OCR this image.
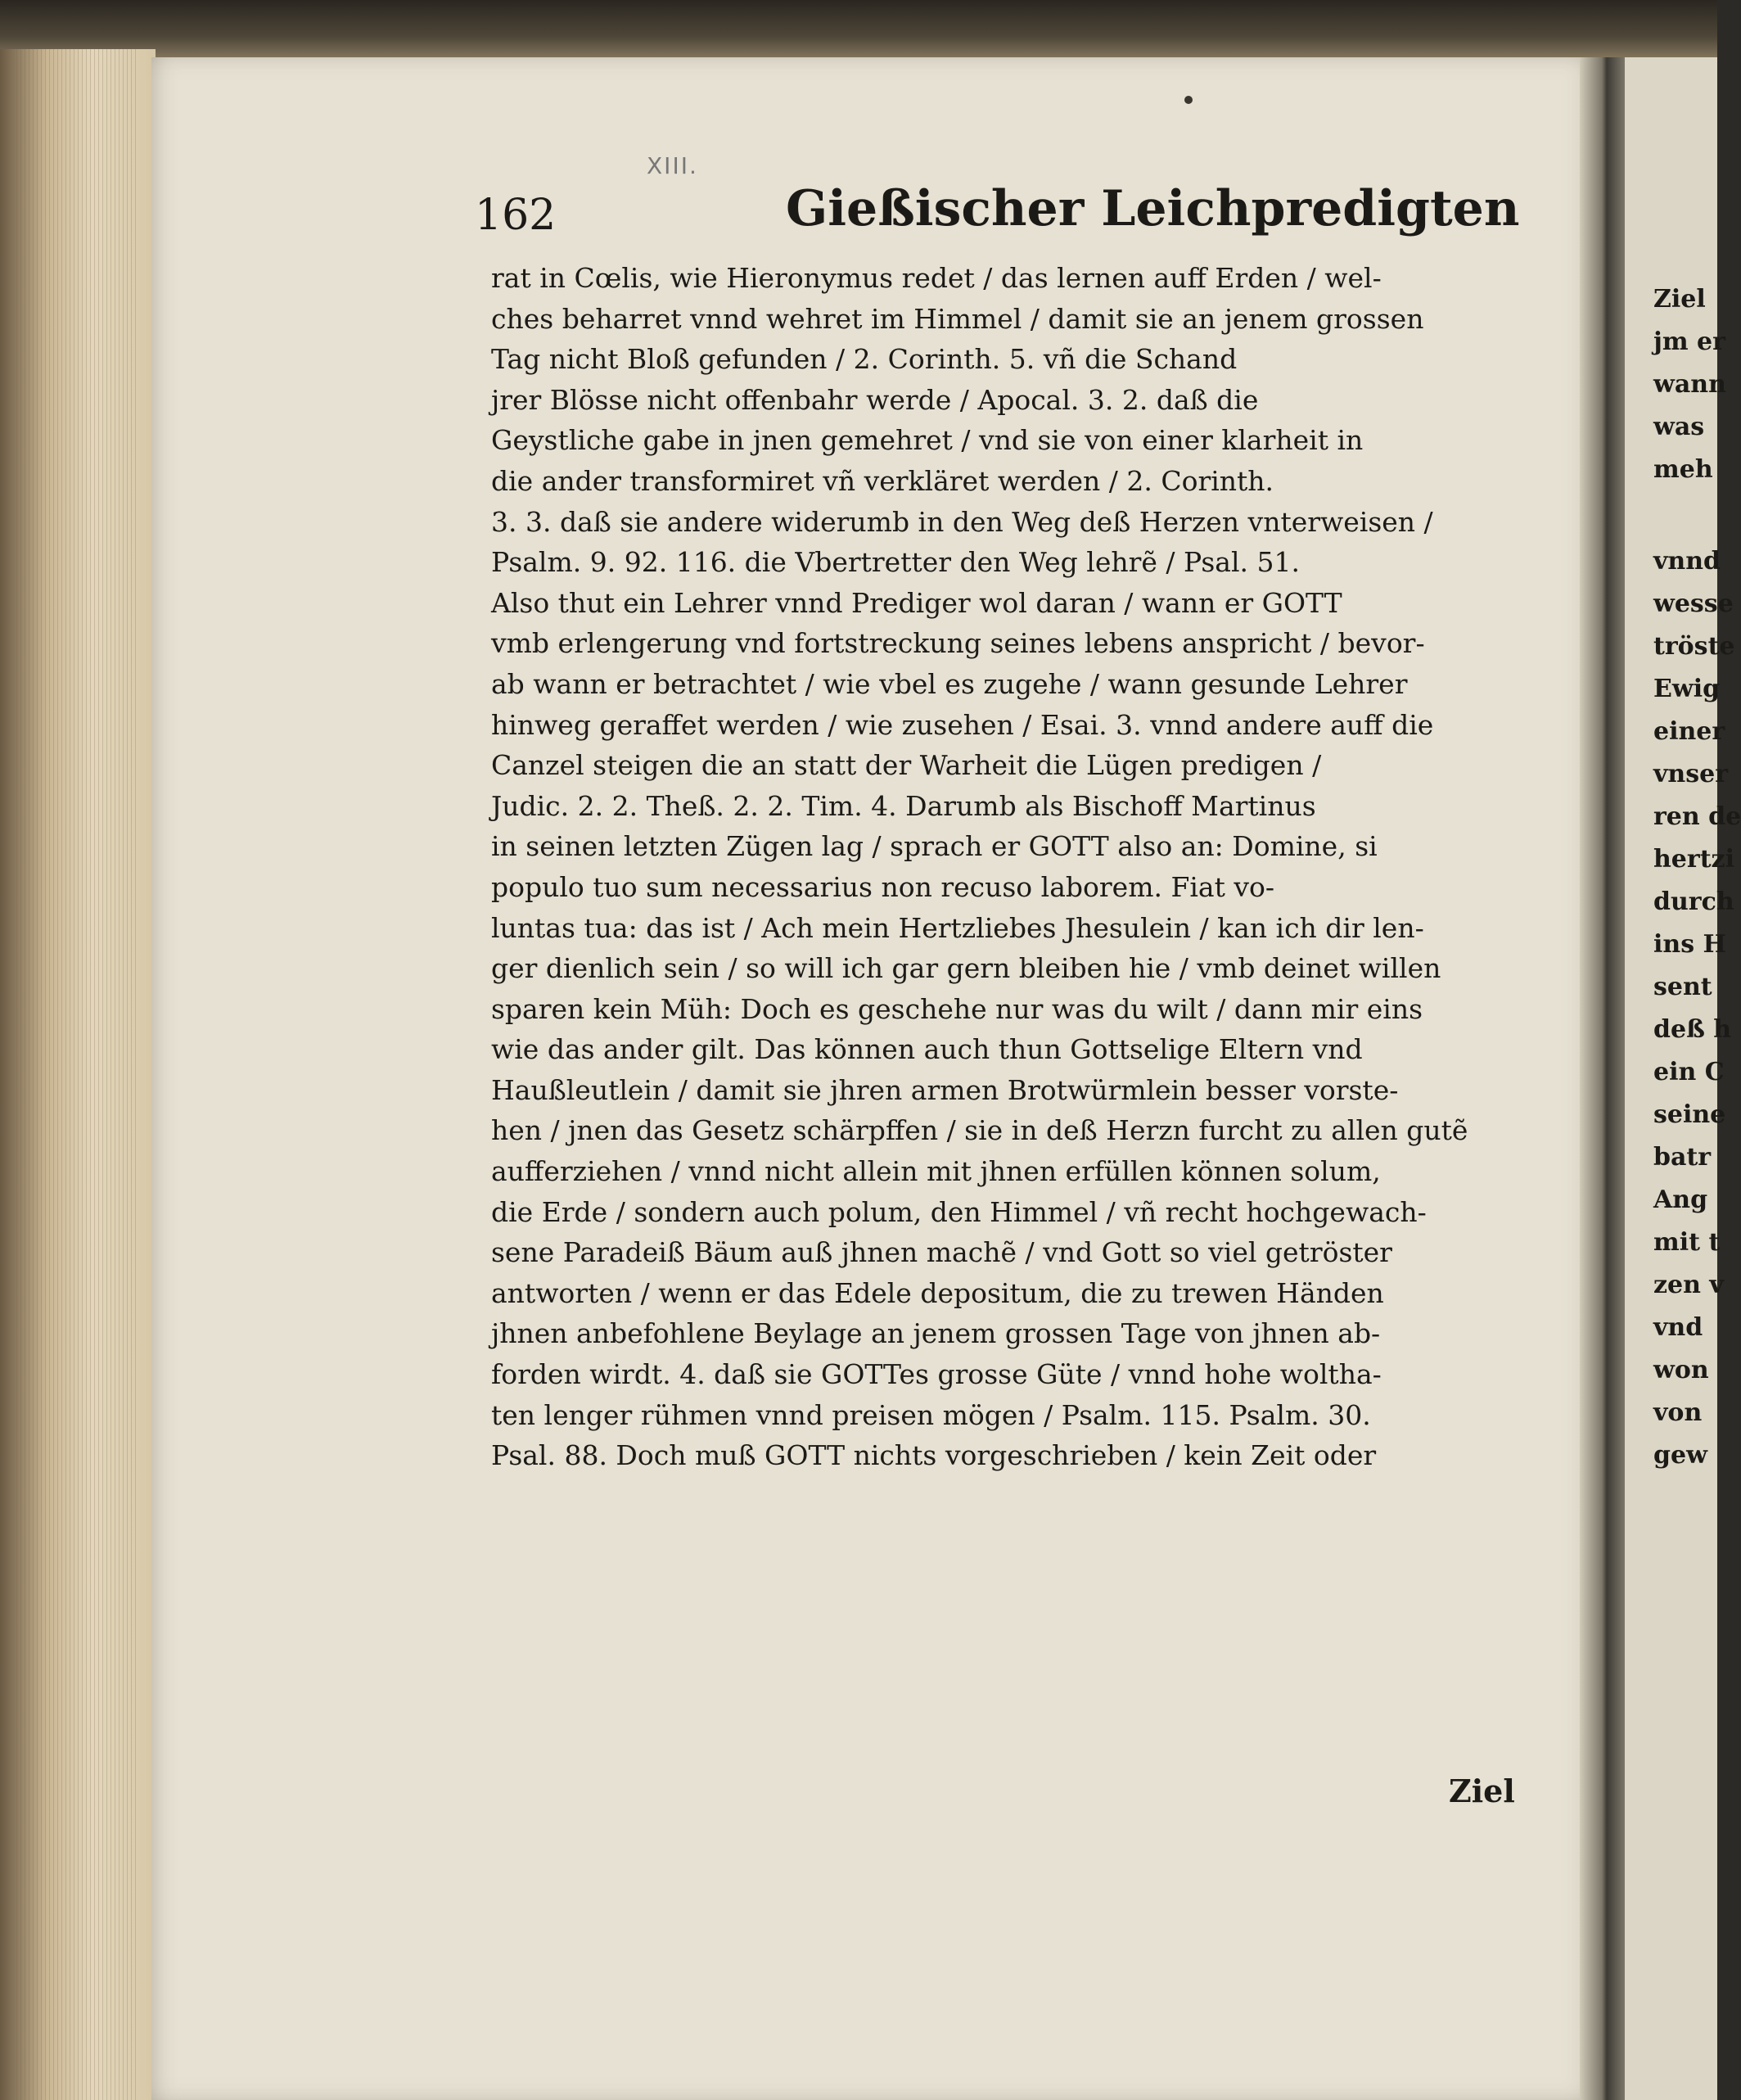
XIII.
162	Gießischer Leichpredigten
rat in Cœlis, wie Hieronymus redet / das lernen auff Erden / wel-
ches beharret vnnd wehret im Himmel / damit sie an jenem grossen
Tag nicht Bloß gefunden / 2. Corinth. 5. vñ die Schand
jrer Blösse nicht offenbahr werde / Apocal. 3. 2. daß die
Geystliche gabe in jnen gemehret / vnd sie von einer klarheit in
die ander transformiret vñ verkläret werden / 2. Corinth.
3. 3. daß sie andere widerumb in den Weg deß Herzen vnterweisen /
Psalm. 9. 92. 116. die Vbertretter den Weg lehrẽ / Psal. 51.
Also thut ein Lehrer vnnd Prediger wol daran / wann er GOTT
vmb erlengerung vnd fortstreckung seines lebens anspricht / bevor-
ab wann er betrachtet / wie vbel es zugehe / wann gesunde Lehrer
hinweg geraffet werden / wie zusehen / Esai. 3. vnnd andere auff die
Canzel steigen die an statt der Warheit die Lügen predigen /
Judic. 2. 2. Theß. 2. 2. Tim. 4. Darumb als Bischoff Martinus
in seinen letzten Zügen lag / sprach er GOTT also an: Domine, si
populo tuo sum necessarius non recuso laborem. Fiat vo-
luntas tua: das ist / Ach mein Hertzliebes Jhesulein / kan ich dir len-
ger dienlich sein / so will ich gar gern bleiben hie / vmb deinet willen
sparen kein Müh: Doch es geschehe nur was du wilt / dann mir eins
wie das ander gilt. Das können auch thun Gottselige Eltern vnd
Haußleutlein / damit sie jhren armen Brotwürmlein besser vorste-
hen / jnen das Gesetz schärpffen / sie in deß Herzn furcht zu allen gutẽ
aufferziehen / vnnd nicht allein mit jhnen erfüllen können solum,
die Erde / sondern auch polum, den Himmel / vñ recht hochgewach-
sene Paradeiß Bäum auß jhnen machẽ / vnd Gott so viel getröster
antworten / wenn er das Edele depositum, die zu trewen Händen
jhnen anbefohlene Beylage an jenem grossen Tage von jhnen ab-
forden wirdt. 4. daß sie GOTTes grosse Güte / vnnd hohe woltha-
ten lenger rühmen vnnd preisen mögen / Psalm. 115. Psalm. 30.
Psal. 88. Doch muß GOTT nichts vorgeschrieben / kein Zeit oder
Ziel
Ziel
jm er
wann
was
meh
vnnd
wesse
tröste
Ewig
einer
vnser
ren de
hertzi
durch
ins H
sent
deß h
ein C
seine
batr
Ang
mit t
zen v
vnd
won
von
gew
